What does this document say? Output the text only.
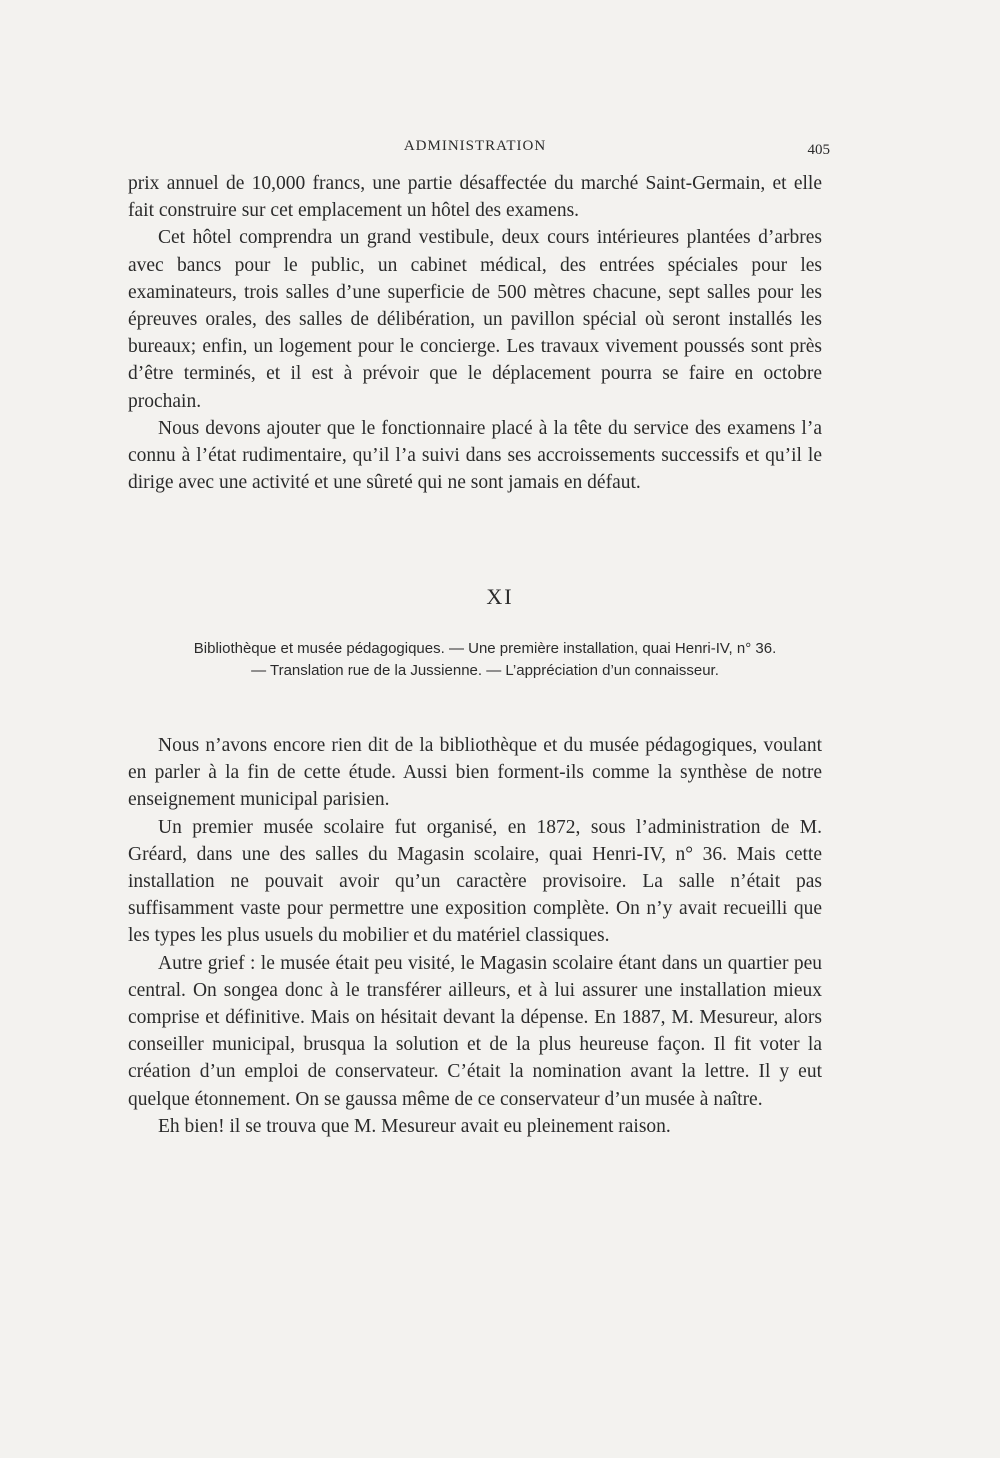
ADMINISTRATION	405

prix annuel de 10,000 francs, une partie désaffectée du marché Saint-Germain, et elle fait construire sur cet emplacement un hôtel des examens.

Cet hôtel comprendra un grand vestibule, deux cours intérieures plantées d’arbres avec bancs pour le public, un cabinet médical, des entrées spéciales pour les examinateurs, trois salles d’une superficie de 500 mètres chacune, sept salles pour les épreuves orales, des salles de délibération, un pavillon spécial où seront installés les bureaux; enfin, un logement pour le concierge. Les travaux vivement poussés sont près d’être terminés, et il est à prévoir que le déplacement pourra se faire en octobre prochain.

Nous devons ajouter que le fonctionnaire placé à la tête du service des examens l’a connu à l’état rudimentaire, qu’il l’a suivi dans ses accroissements successifs et qu’il le dirige avec une activité et une sûreté qui ne sont jamais en défaut.

XI
Bibliothèque et musée pédagogiques. — Une première installation, quai Henri-IV, n° 36.
— Translation rue de la Jussienne. — L’appréciation d’un connaisseur.

Nous n’avons encore rien dit de la bibliothèque et du musée pédagogiques, voulant en parler à la fin de cette étude. Aussi bien forment-ils comme la synthèse de notre enseignement municipal parisien.

Un premier musée scolaire fut organisé, en 1872, sous l’administration de M. Gréard, dans une des salles du Magasin scolaire, quai Henri-IV, n° 36. Mais cette installation ne pouvait avoir qu’un caractère provisoire. La salle n’était pas suffisamment vaste pour permettre une exposition complète. On n’y avait recueilli que les types les plus usuels du mobilier et du matériel classiques.

Autre grief : le musée était peu visité, le Magasin scolaire étant dans un quartier peu central. On songea donc à le transférer ailleurs, et à lui assurer une installation mieux comprise et définitive. Mais on hésitait devant la dépense. En 1887, M. Mesureur, alors conseiller municipal, brusqua la solution et de la plus heureuse façon. Il fit voter la création d’un emploi de conservateur. C’était la nomination avant la lettre. Il y eut quelque étonnement. On se gaussa même de ce conservateur d’un musée à naître.

Eh bien! il se trouva que M. Mesureur avait eu pleinement raison.
